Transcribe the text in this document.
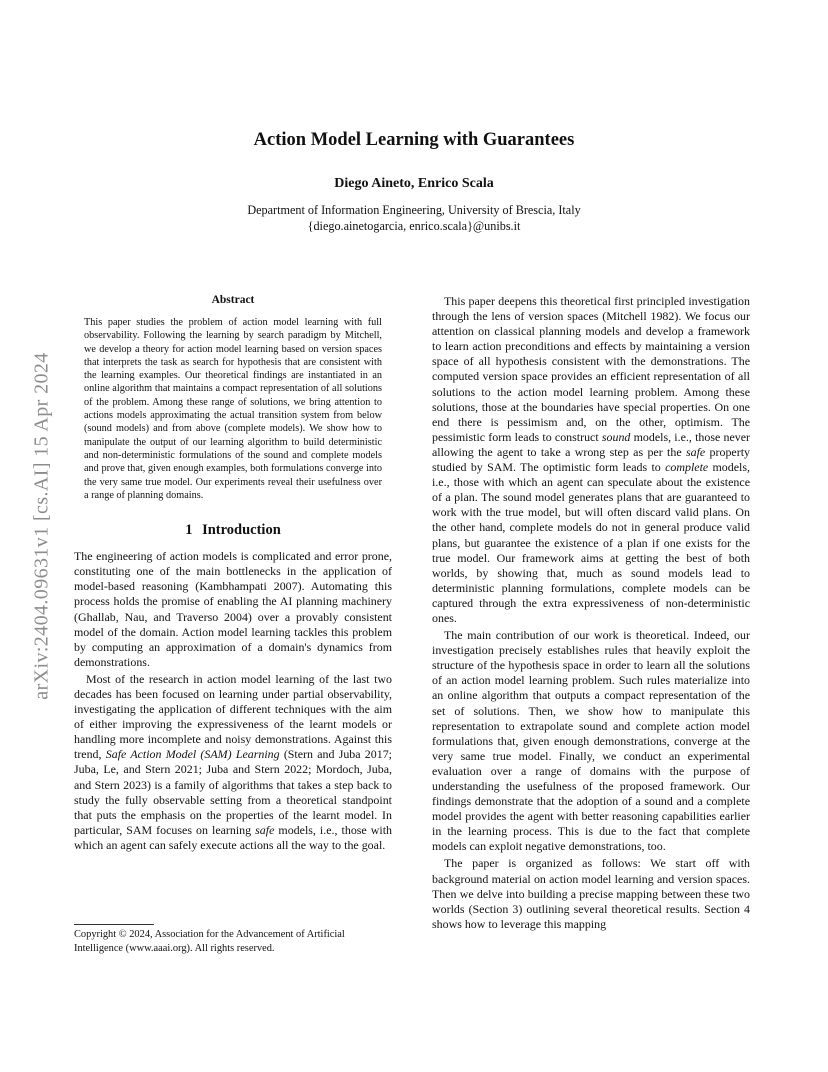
arXiv:2404.09631v1 [cs.AI] 15 Apr 2024
Action Model Learning with Guarantees
Diego Aineto, Enrico Scala
Department of Information Engineering, University of Brescia, Italy
{diego.ainetogarcia, enrico.scala}@unibs.it
Abstract

This paper studies the problem of action model learning with full observability. Following the learning by search paradigm by Mitchell, we develop a theory for action model learning based on version spaces that interprets the task as search for hypothesis that are consistent with the learning examples. Our theoretical findings are instantiated in an online algorithm that maintains a compact representation of all solutions of the problem. Among these range of solutions, we bring attention to actions models approximating the actual transition system from below (sound models) and from above (complete models). We show how to manipulate the output of our learning algorithm to build deterministic and non-deterministic formulations of the sound and complete models and prove that, given enough examples, both formulations converge into the very same true model. Our experiments reveal their usefulness over a range of planning domains.

1 Introduction

The engineering of action models is complicated and error prone, constituting one of the main bottlenecks in the application of model-based reasoning (Kambhampati 2007). Automating this process holds the promise of enabling the AI planning machinery (Ghallab, Nau, and Traverso 2004) over a provably consistent model of the domain. Action model learning tackles this problem by computing an approximation of a domain's dynamics from demonstrations.

Most of the research in action model learning of the last two decades has been focused on learning under partial observability, investigating the application of different techniques with the aim of either improving the expressiveness of the learnt models or handling more incomplete and noisy demonstrations. Against this trend, Safe Action Model (SAM) Learning (Stern and Juba 2017; Juba, Le, and Stern 2021; Juba and Stern 2022; Mordoch, Juba, and Stern 2023) is a family of algorithms that takes a step back to study the fully observable setting from a theoretical standpoint that puts the emphasis on the properties of the learnt model. In particular, SAM focuses on learning safe models, i.e., those with which an agent can safely execute actions all the way to the goal.

Copyright © 2024, Association for the Advancement of Artificial Intelligence (www.aaai.org). All rights reserved.

This paper deepens this theoretical first principled investigation through the lens of version spaces (Mitchell 1982). We focus our attention on classical planning models and develop a framework to learn action preconditions and effects by maintaining a version space of all hypothesis consistent with the demonstrations. The computed version space provides an efficient representation of all solutions to the action model learning problem. Among these solutions, those at the boundaries have special properties. On one end there is pessimism and, on the other, optimism. The pessimistic form leads to construct sound models, i.e., those never allowing the agent to take a wrong step as per the safe property studied by SAM. The optimistic form leads to complete models, i.e., those with which an agent can speculate about the existence of a plan. The sound model generates plans that are guaranteed to work with the true model, but will often discard valid plans. On the other hand, complete models do not in general produce valid plans, but guarantee the existence of a plan if one exists for the true model. Our framework aims at getting the best of both worlds, by showing that, much as sound models lead to deterministic planning formulations, complete models can be captured through the extra expressiveness of non-deterministic ones.

The main contribution of our work is theoretical. Indeed, our investigation precisely establishes rules that heavily exploit the structure of the hypothesis space in order to learn all the solutions of an action model learning problem. Such rules materialize into an online algorithm that outputs a compact representation of the set of solutions. Then, we show how to manipulate this representation to extrapolate sound and complete action model formulations that, given enough demonstrations, converge at the very same true model. Finally, we conduct an experimental evaluation over a range of domains with the purpose of understanding the usefulness of the proposed framework. Our findings demonstrate that the adoption of a sound and a complete model provides the agent with better reasoning capabilities earlier in the learning process. This is due to the fact that complete models can exploit negative demonstrations, too.

The paper is organized as follows: We start off with background material on action model learning and version spaces. Then we delve into building a precise mapping between these two worlds (Section 3) outlining several theoretical results. Section 4 shows how to leverage this mapping
